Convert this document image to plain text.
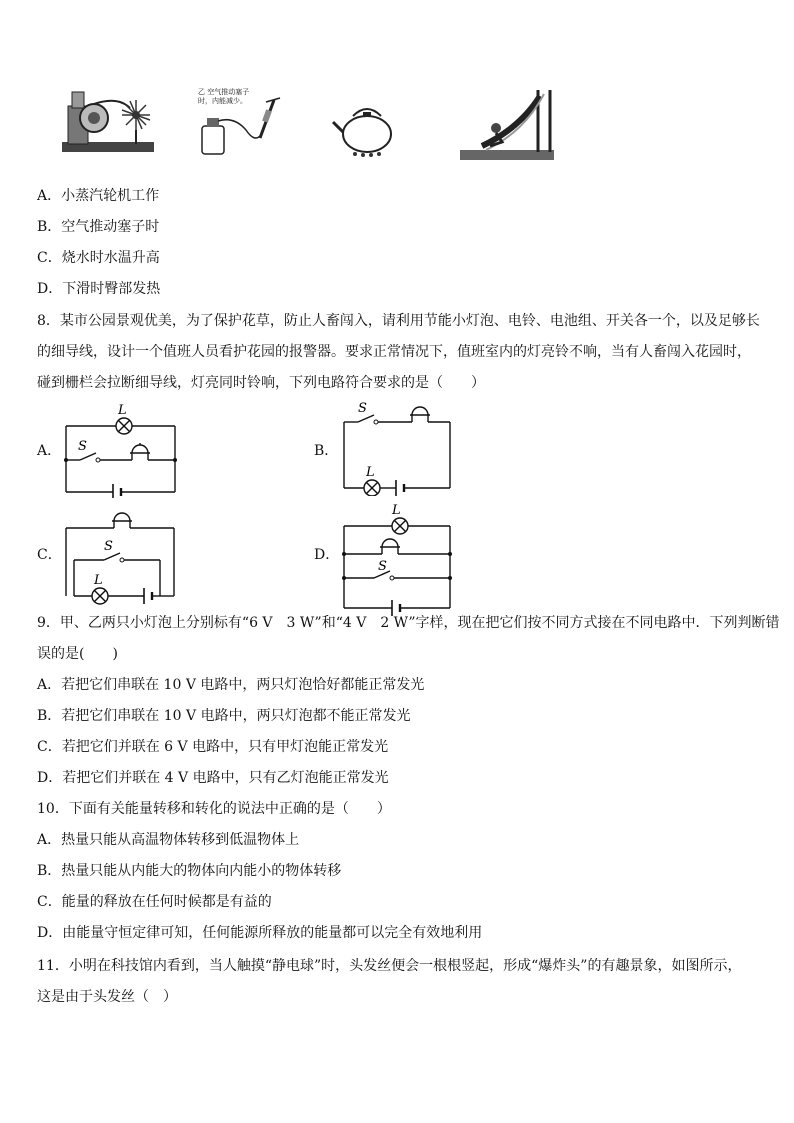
乙 空气推动塞子
时，内能减少。
A．小蒸汽轮机工作
B．空气推动塞子时
C．烧水时水温升高
D．下滑时臀部发热
8．某市公园景观优美，为了保护花草，防止人畜闯入，请利用节能小灯泡、电铃、电池组、开关各一个，以及足够长
的细导线，设计一个值班人员看护花园的报警器。要求正常情况下，值班室内的灯亮铃不响，当有人畜闯入花园时，
碰到栅栏会拉断细导线，灯亮同时铃响，下列电路符合要求的是（　　）
A．	B．
C．	D．
L
S
S
L
S
L
L
S
9．甲、乙两只小灯泡上分别标有“6 V　3 W”和“4 V　2 W”字样，现在把它们按不同方式接在不同电路中．下列判断错
误的是(　　)
A．若把它们串联在 10 V 电路中，两只灯泡恰好都能正常发光
B．若把它们串联在 10 V 电路中，两只灯泡都不能正常发光
C．若把它们并联在 6 V 电路中，只有甲灯泡能正常发光
D．若把它们并联在 4 V 电路中，只有乙灯泡能正常发光
10．下面有关能量转移和转化的说法中正确的是（　　）
A．热量只能从高温物体转移到低温物体上
B．热量只能从内能大的物体向内能小的物体转移
C．能量的释放在任何时候都是有益的
D．由能量守恒定律可知，任何能源所释放的能量都可以完全有效地利用
11．小明在科技馆内看到，当人触摸“静电球”时，头发丝便会一根根竖起，形成“爆炸头”的有趣景象，如图所示，
这是由于头发丝（　）
